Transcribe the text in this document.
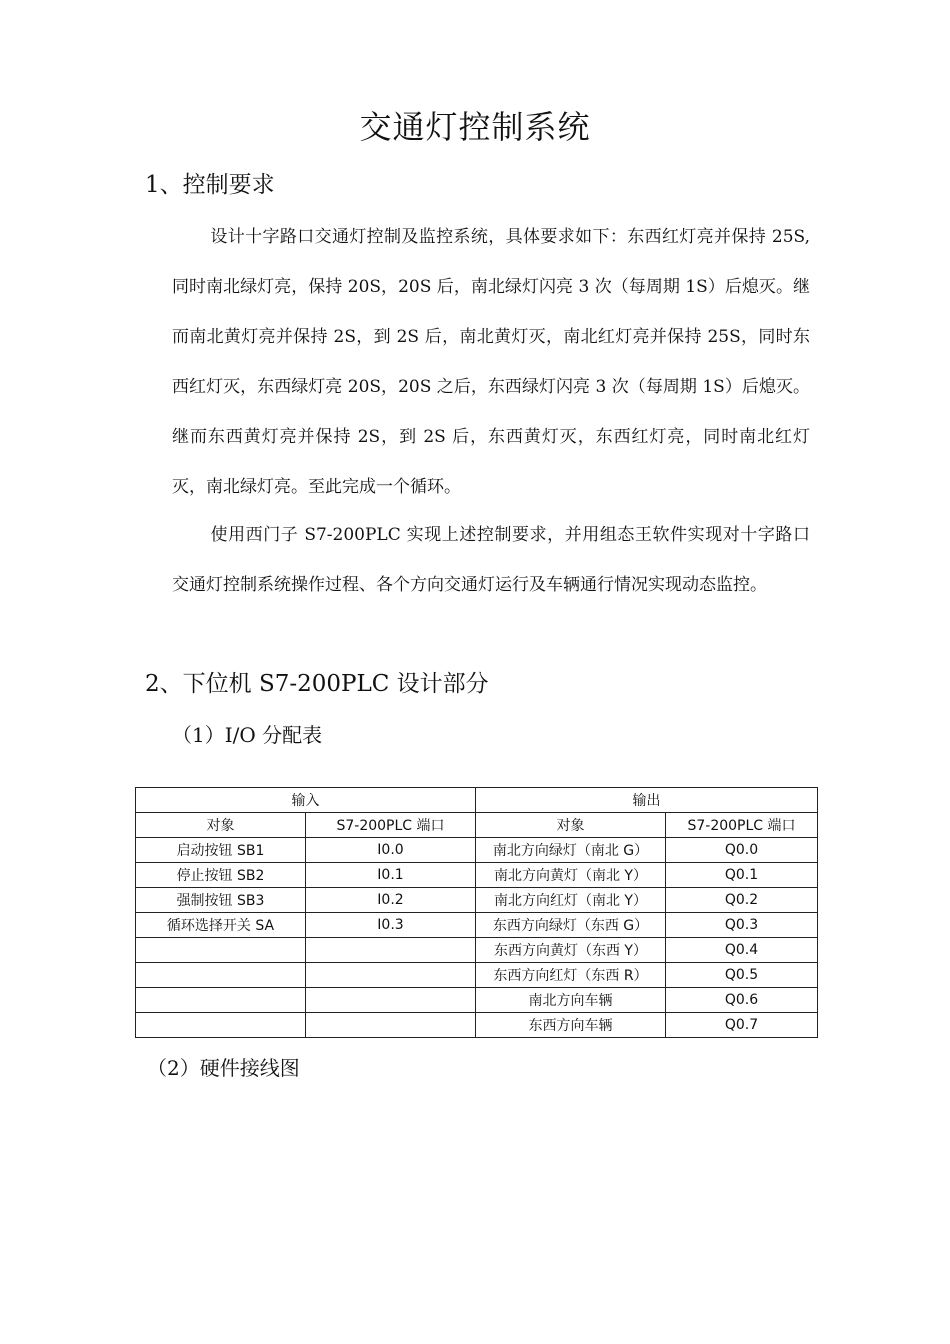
交通灯控制系统
1、控制要求
设计十字路口交通灯控制及监控系统，具体要求如下：东西红灯亮并保持 25S,同时南北绿灯亮，保持 20S，20S 后，南北绿灯闪亮 3 次（每周期 1S）后熄灭。继而南北黄灯亮并保持 2S，到 2S 后，南北黄灯灭，南北红灯亮并保持 25S，同时东西红灯灭，东西绿灯亮 20S，20S 之后，东西绿灯闪亮 3 次（每周期 1S）后熄灭。继而东西黄灯亮并保持 2S，到 2S 后，东西黄灯灭，东西红灯亮，同时南北红灯灭，南北绿灯亮。至此完成一个循环。
使用西门子 S7-200PLC 实现上述控制要求，并用组态王软件实现对十字路口交通灯控制系统操作过程、各个方向交通灯运行及车辆通行情况实现动态监控。
2、下位机 S7-200PLC 设计部分
（1）I/O 分配表
输入		输出	
对象	S7-200PLC 端口	对象	S7-200PLC 端口
启动按钮 SB1	I0.0	南北方向绿灯（南北 G）	Q0.0
停止按钮 SB2	I0.1	南北方向黄灯（南北 Y）	Q0.1
强制按钮 SB3	I0.2	南北方向红灯（南北 Y）	Q0.2
循环选择开关 SA	I0.3	东西方向绿灯（东西 G）	Q0.3
		东西方向黄灯（东西 Y）	Q0.4
		东西方向红灯（东西 R）	Q0.5
		南北方向车辆	Q0.6
		东西方向车辆	Q0.7
（2）硬件接线图
